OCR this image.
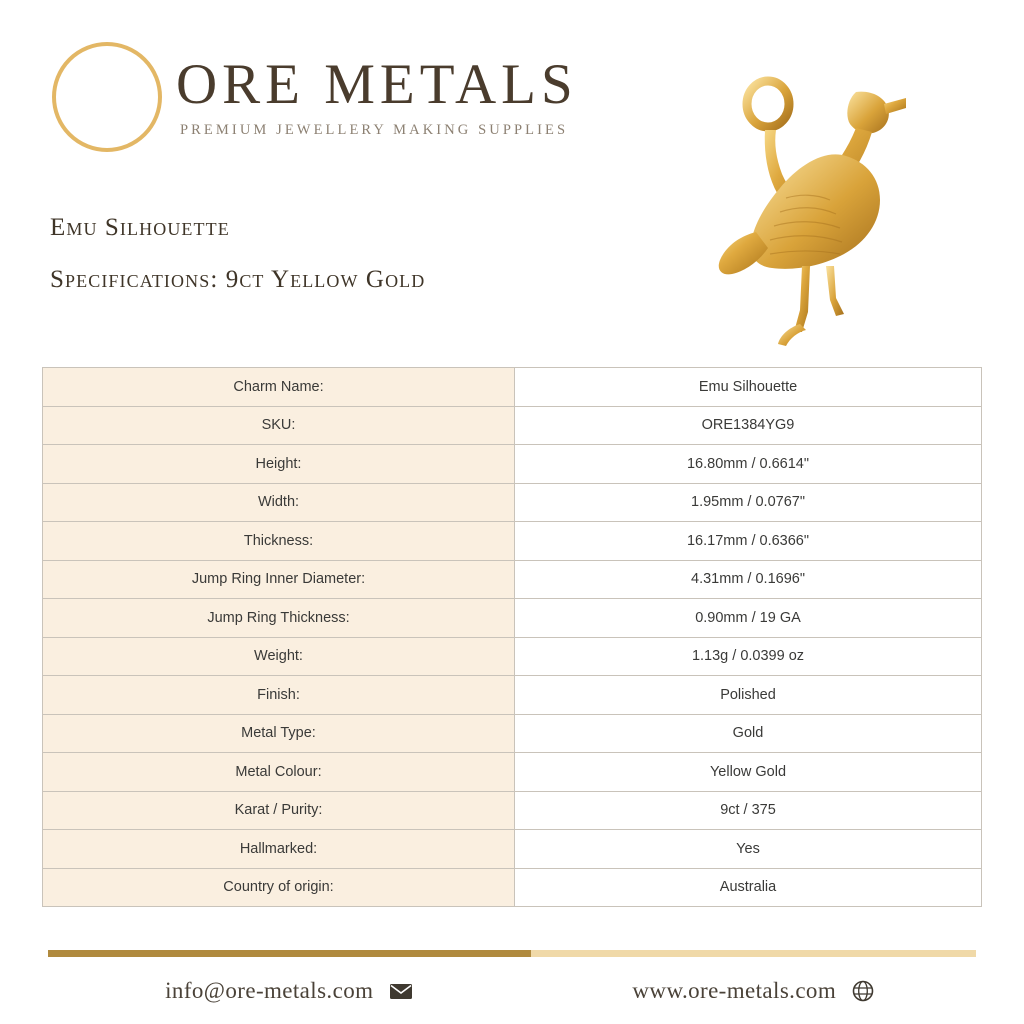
ORE METALS
PREMIUM JEWELLERY MAKING SUPPLIES
Emu Silhouette
Specifications: 9ct Yellow Gold
Charm Name:	Emu Silhouette
SKU:	ORE1384YG9
Height:	16.80mm / 0.6614"
Width:	1.95mm / 0.0767"
Thickness:	16.17mm / 0.6366"
Jump Ring Inner Diameter:	4.31mm / 0.1696"
Jump Ring Thickness:	0.90mm / 19 GA
Weight:	1.13g / 0.0399 oz
Finish:	Polished
Metal Type:	Gold
Metal Colour:	Yellow Gold
Karat / Purity:	9ct / 375
Hallmarked:	Yes
Country of origin:	Australia
info@ore-metals.com	www.ore-metals.com
